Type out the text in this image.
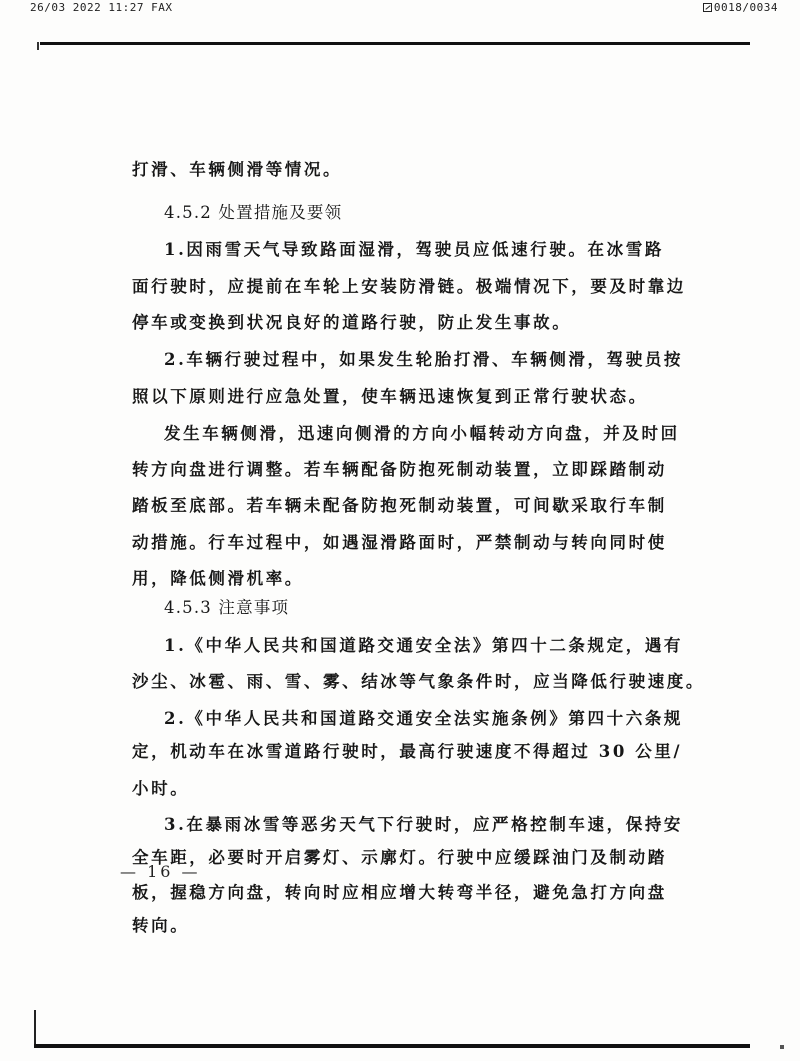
26/03 2022 11:27 FAX	0018/0034
打滑、车辆侧滑等情况。
4.5.2 处置措施及要领
1.因雨雪天气导致路面湿滑，驾驶员应低速行驶。在冰雪路
面行驶时，应提前在车轮上安装防滑链。极端情况下，要及时靠边
停车或变换到状况良好的道路行驶，防止发生事故。
2.车辆行驶过程中，如果发生轮胎打滑、车辆侧滑，驾驶员按
照以下原则进行应急处置，使车辆迅速恢复到正常行驶状态。
发生车辆侧滑，迅速向侧滑的方向小幅转动方向盘，并及时回
转方向盘进行调整。若车辆配备防抱死制动装置，立即踩踏制动
踏板至底部。若车辆未配备防抱死制动装置，可间歇采取行车制
动措施。行车过程中，如遇湿滑路面时，严禁制动与转向同时使
用，降低侧滑机率。
4.5.3 注意事项
1.《中华人民共和国道路交通安全法》第四十二条规定，遇有
沙尘、冰雹、雨、雪、雾、结冰等气象条件时，应当降低行驶速度。
2.《中华人民共和国道路交通安全法实施条例》第四十六条规
定，机动车在冰雪道路行驶时，最高行驶速度不得超过 30 公里/
小时。
3.在暴雨冰雪等恶劣天气下行驶时，应严格控制车速，保持安
全车距，必要时开启雾灯、示廓灯。行驶中应缓踩油门及制动踏
板，握稳方向盘，转向时应相应增大转弯半径，避免急打方向盘
转向。
— 16 —
